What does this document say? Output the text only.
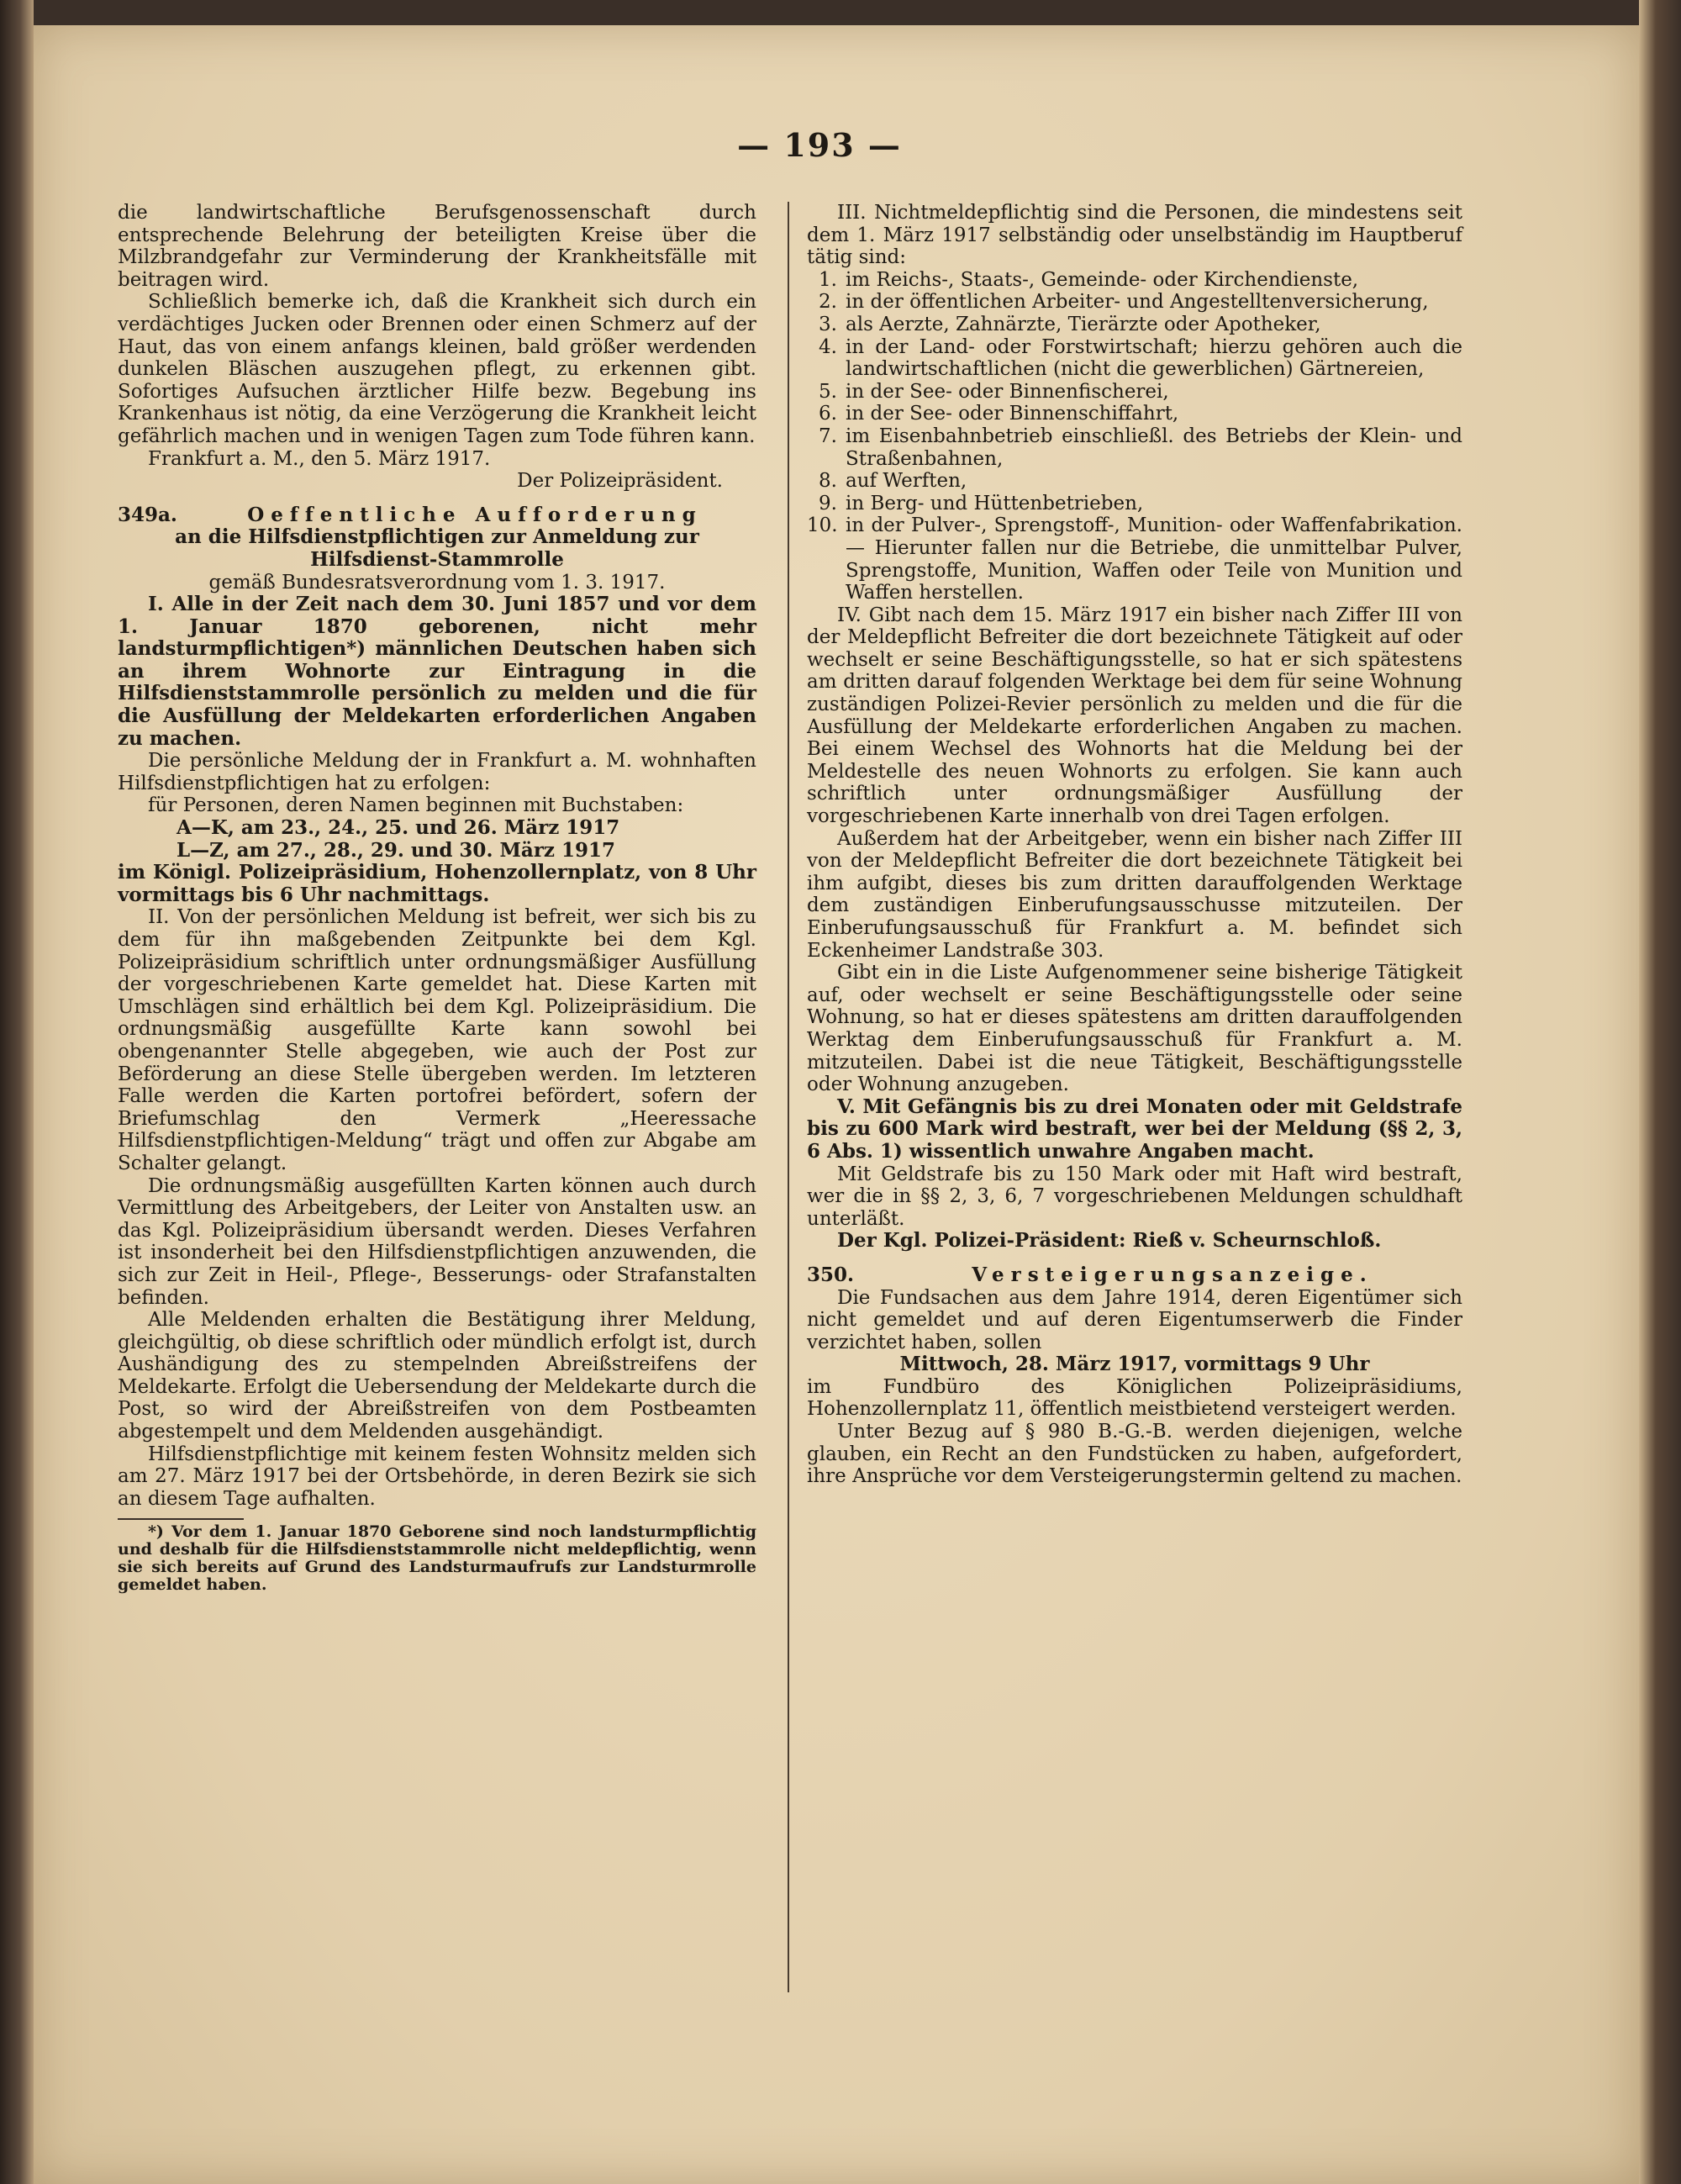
— 193 —

die landwirtschaftliche Berufsgenossenschaft durch entsprechende Belehrung der beteiligten Kreise über die Milzbrandgefahr zur Verminderung der Krankheitsfälle mit beitragen wird.

Schließlich bemerke ich, daß die Krankheit sich durch ein verdächtiges Jucken oder Brennen oder einen Schmerz auf der Haut, das von einem anfangs kleinen, bald größer werdenden dunkelen Bläschen auszugehen pflegt, zu erkennen gibt. Sofortiges Aufsuchen ärztlicher Hilfe bezw. Begebung ins Krankenhaus ist nötig, da eine Verzögerung die Krankheit leicht gefährlich machen und in wenigen Tagen zum Tode führen kann.

Frankfurt a. M., den 5. März 1917.

Der Polizeipräsident.

349a.	Oeffentliche Aufforderung

an die Hilfsdienstpflichtigen zur Anmeldung zur Hilfsdienst-Stammrolle

gemäß Bundesratsverordnung vom 1. 3. 1917.

I. Alle in der Zeit nach dem 30. Juni 1857 und vor dem 1. Januar 1870 geborenen, nicht mehr landsturmpflichtigen*) männlichen Deutschen haben sich an ihrem Wohnorte zur Eintragung in die Hilfsdienststammrolle persönlich zu melden und die für die Ausfüllung der Meldekarten erforderlichen Angaben zu machen.

Die persönliche Meldung der in Frankfurt a. M. wohnhaften Hilfsdienstpflichtigen hat zu erfolgen:

für Personen, deren Namen beginnen mit Buchstaben:

A—K, am 23., 24., 25. und 26. März 1917

L—Z, am 27., 28., 29. und 30. März 1917

im Königl. Polizeipräsidium, Hohenzollernplatz, von 8 Uhr vormittags bis 6 Uhr nachmittags.

II. Von der persönlichen Meldung ist befreit, wer sich bis zu dem für ihn maßgebenden Zeitpunkte bei dem Kgl. Polizeipräsidium schriftlich unter ordnungsmäßiger Ausfüllung der vorgeschriebenen Karte gemeldet hat. Diese Karten mit Umschlägen sind erhältlich bei dem Kgl. Polizeipräsidium. Die ordnungsmäßig ausgefüllte Karte kann sowohl bei obengenannter Stelle abgegeben, wie auch der Post zur Beförderung an diese Stelle übergeben werden. Im letzteren Falle werden die Karten portofrei befördert, sofern der Briefumschlag den Vermerk „Heeressache Hilfsdienstpflichtigen-Meldung“ trägt und offen zur Abgabe am Schalter gelangt.

Die ordnungsmäßig ausgefüllten Karten können auch durch Vermittlung des Arbeitgebers, der Leiter von Anstalten usw. an das Kgl. Polizeipräsidium übersandt werden. Dieses Verfahren ist insonderheit bei den Hilfsdienstpflichtigen anzuwenden, die sich zur Zeit in Heil-, Pflege-, Besserungs- oder Strafanstalten befinden.

Alle Meldenden erhalten die Bestätigung ihrer Meldung, gleichgültig, ob diese schriftlich oder mündlich erfolgt ist, durch Aushändigung des zu stempelnden Abreißstreifens der Meldekarte. Erfolgt die Uebersendung der Meldekarte durch die Post, so wird der Abreißstreifen von dem Postbeamten abgestempelt und dem Meldenden ausgehändigt.

Hilfsdienstpflichtige mit keinem festen Wohnsitz melden sich am 27. März 1917 bei der Ortsbehörde, in deren Bezirk sie sich an diesem Tage aufhalten.

*) Vor dem 1. Januar 1870 Geborene sind noch landsturmpflichtig und deshalb für die Hilfsdienststammrolle nicht meldepflichtig, wenn sie sich bereits auf Grund des Landsturmaufrufs zur Landsturmrolle gemeldet haben.

III. Nichtmeldepflichtig sind die Personen, die mindestens seit dem 1. März 1917 selbständig oder unselbständig im Hauptberuf tätig sind:

1. im Reichs-, Staats-, Gemeinde- oder Kirchendienste,
2. in der öffentlichen Arbeiter- und Angestelltenversicherung,
3. als Aerzte, Zahnärzte, Tierärzte oder Apotheker,
4. in der Land- oder Forstwirtschaft; hierzu gehören auch die landwirtschaftlichen (nicht die gewerblichen) Gärtnereien,
5. in der See- oder Binnenfischerei,
6. in der See- oder Binnenschiffahrt,
7. im Eisenbahnbetrieb einschließl. des Betriebs der Klein- und Straßenbahnen,
8. auf Werften,
9. in Berg- und Hüttenbetrieben,
10. in der Pulver-, Sprengstoff-, Munition- oder Waffenfabrikation. — Hierunter fallen nur die Betriebe, die unmittelbar Pulver, Sprengstoffe, Munition, Waffen oder Teile von Munition und Waffen herstellen.

IV. Gibt nach dem 15. März 1917 ein bisher nach Ziffer III von der Meldepflicht Befreiter die dort bezeichnete Tätigkeit auf oder wechselt er seine Beschäftigungsstelle, so hat er sich spätestens am dritten darauf folgenden Werktage bei dem für seine Wohnung zuständigen Polizei-Revier persönlich zu melden und die für die Ausfüllung der Meldekarte erforderlichen Angaben zu machen. Bei einem Wechsel des Wohnorts hat die Meldung bei der Meldestelle des neuen Wohnorts zu erfolgen. Sie kann auch schriftlich unter ordnungsmäßiger Ausfüllung der vorgeschriebenen Karte innerhalb von drei Tagen erfolgen.

Außerdem hat der Arbeitgeber, wenn ein bisher nach Ziffer III von der Meldepflicht Befreiter die dort bezeichnete Tätigkeit bei ihm aufgibt, dieses bis zum dritten darauffolgenden Werktage dem zuständigen Einberufungsausschusse mitzuteilen. Der Einberufungsausschuß für Frankfurt a. M. befindet sich Eckenheimer Landstraße 303.

Gibt ein in die Liste Aufgenommener seine bisherige Tätigkeit auf, oder wechselt er seine Beschäftigungsstelle oder seine Wohnung, so hat er dieses spätestens am dritten darauffolgenden Werktag dem Einberufungsausschuß für Frankfurt a. M. mitzuteilen. Dabei ist die neue Tätigkeit, Beschäftigungsstelle oder Wohnung anzugeben.

V. Mit Gefängnis bis zu drei Monaten oder mit Geldstrafe bis zu 600 Mark wird bestraft, wer bei der Meldung (§§ 2, 3, 6 Abs. 1) wissentlich unwahre Angaben macht.

Mit Geldstrafe bis zu 150 Mark oder mit Haft wird bestraft, wer die in §§ 2, 3, 6, 7 vorgeschriebenen Meldungen schuldhaft unterläßt.

Der Kgl. Polizei-Präsident: Rieß v. Scheurnschloß.

350.	Versteigerungsanzeige.

Die Fundsachen aus dem Jahre 1914, deren Eigentümer sich nicht gemeldet und auf deren Eigentumserwerb die Finder verzichtet haben, sollen

Mittwoch, 28. März 1917, vormittags 9 Uhr

im Fundbüro des Königlichen Polizeipräsidiums, Hohenzollernplatz 11, öffentlich meistbietend versteigert werden.

Unter Bezug auf § 980 B.-G.-B. werden diejenigen, welche glauben, ein Recht an den Fundstücken zu haben, aufgefordert, ihre Ansprüche vor dem Versteigerungstermin geltend zu machen.
